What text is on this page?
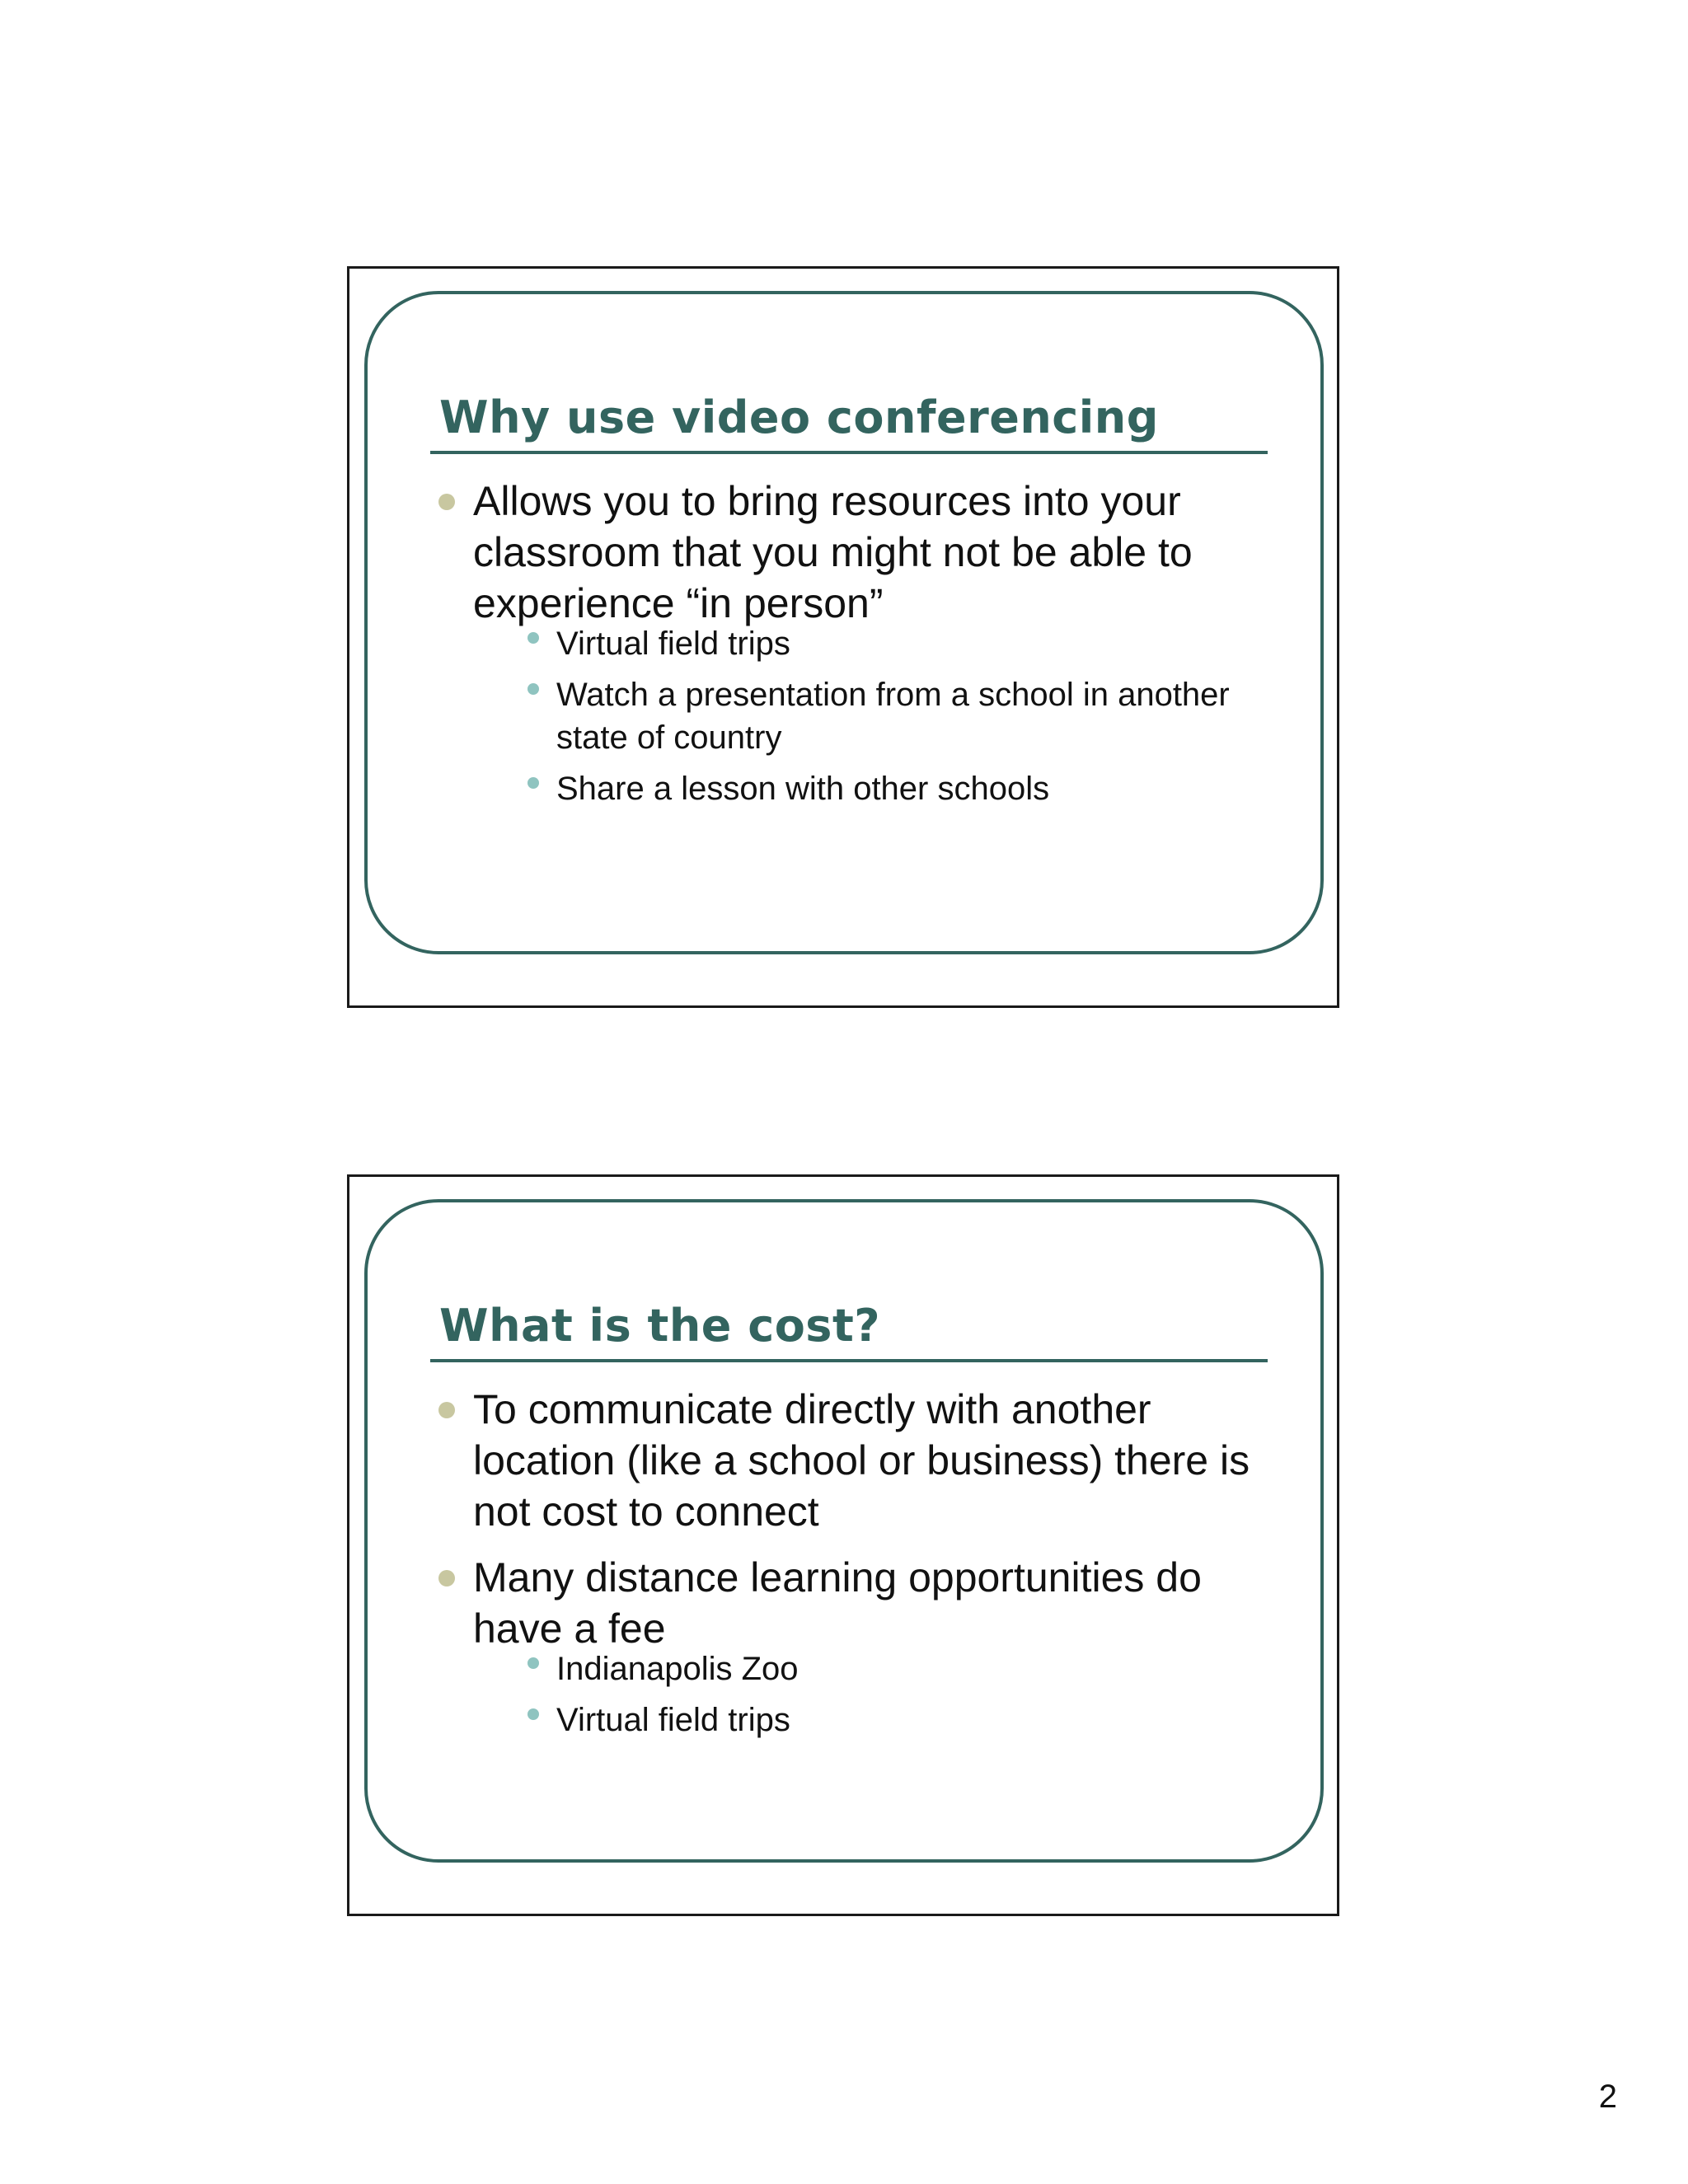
Why use video conferencing
Allows you to bring resources into your classroom that you might not be able to experience “in person”
Virtual field trips
Watch a presentation from a school in another state of country
Share a lesson with other schools
What is the cost?
To communicate directly with another location (like a school or business) there is not cost to connect
Many distance learning opportunities do have a fee
Indianapolis Zoo
Virtual field trips
2
